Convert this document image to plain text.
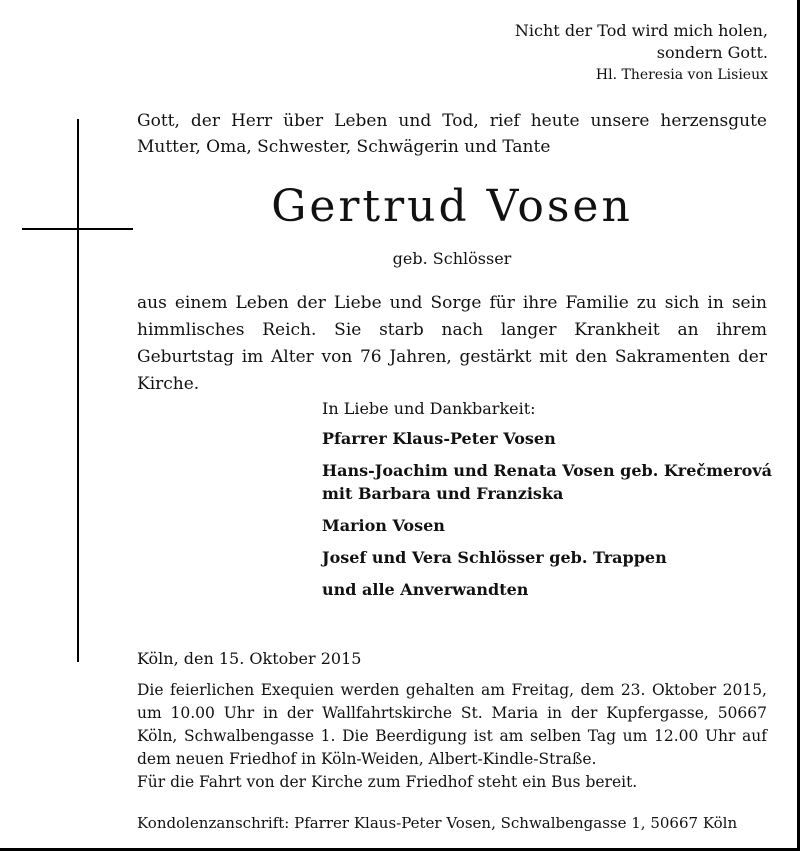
Nicht der Tod wird mich holen,
sondern Gott.
Hl. Theresia von Lisieux
Gott, der Herr über Leben und Tod, rief heute unsere herzensgute Mutter, Oma, Schwester, Schwägerin und Tante
Gertrud Vosen
geb. Schlösser
aus einem Leben der Liebe und Sorge für ihre Familie zu sich in sein himmlisches Reich. Sie starb nach langer Krankheit an ihrem Geburtstag im Alter von 76 Jahren, gestärkt mit den Sakramenten der Kirche.
In Liebe und Dankbarkeit:
Pfarrer Klaus-Peter Vosen
Hans-Joachim und Renata Vosen geb. Krečmerová
mit Barbara und Franziska
Marion Vosen
Josef und Vera Schlösser geb. Trappen
und alle Anverwandten
Köln, den 15. Oktober 2015
Die feierlichen Exequien werden gehalten am Freitag, dem 23. Oktober 2015, um 10.00 Uhr in der Wallfahrtskirche St. Maria in der Kupfergasse, 50667 Köln, Schwalbengasse 1. Die Beerdigung ist am selben Tag um 12.00 Uhr auf dem neuen Friedhof in Köln-Weiden, Albert-Kindle-Straße.
Für die Fahrt von der Kirche zum Friedhof steht ein Bus bereit.
Kondolenzanschrift: Pfarrer Klaus-Peter Vosen, Schwalbengasse 1, 50667 Köln
